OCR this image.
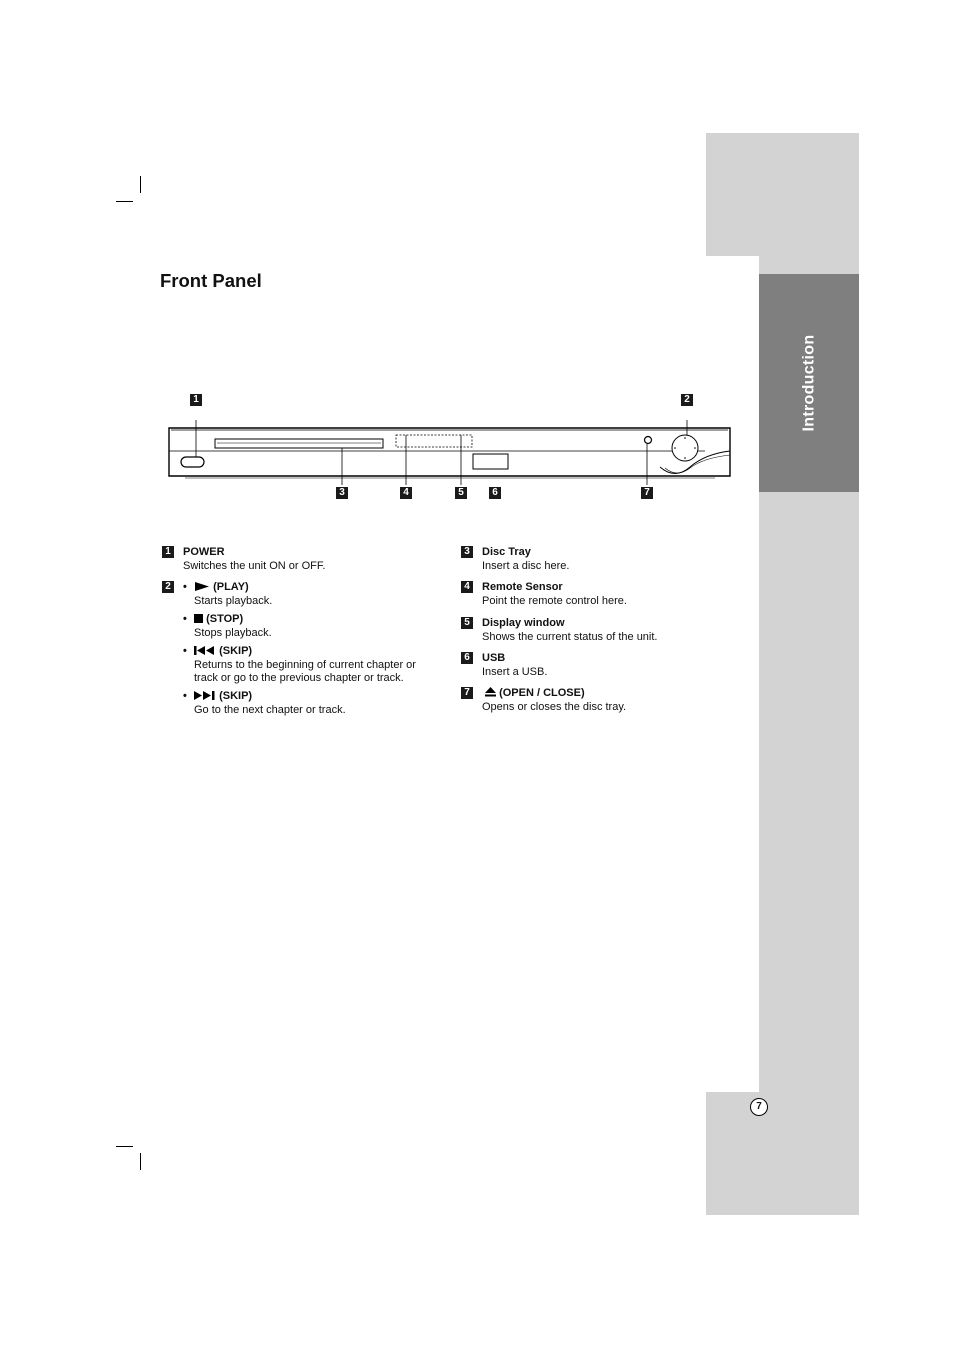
Introduction
7
Front Panel
1	2
3	4	5	6	7
1 POWER
Switches the unit ON or OFF.
2 •	(PLAY)
Starts playback.
•	(STOP)
Stops playback.
•	(SKIP)
Returns to the beginning of current chapter or track or go to the previous chapter or track.
•	(SKIP)
Go to the next chapter or track.
3 Disc Tray
Insert a disc here.
4 Remote Sensor
Point the remote control here.
5 Display window
Shows the current status of the unit.
6 USB
Insert a USB.
7	(OPEN / CLOSE)
Opens or closes the disc tray.
